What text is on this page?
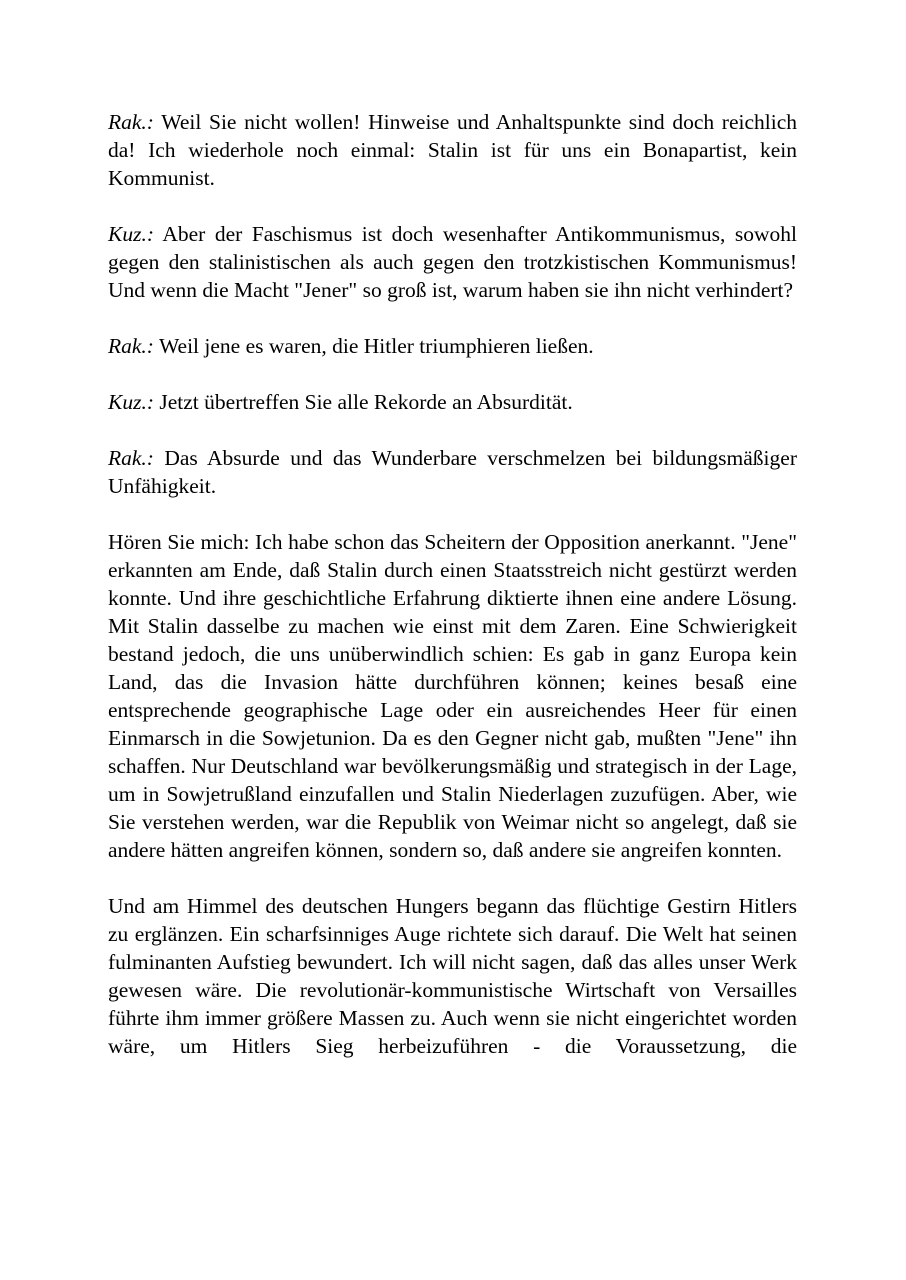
Rak.: Weil Sie nicht wollen! Hinweise und Anhaltspunkte sind doch reichlich da! Ich wiederhole noch einmal: Stalin ist für uns ein Bonapartist, kein Kommunist.

Kuz.: Aber der Faschismus ist doch wesenhafter Antikommunismus, sowohl gegen den stalinistischen als auch gegen den trotzkistischen Kommunismus! Und wenn die Macht "Jener" so groß ist, warum haben sie ihn nicht verhindert?

Rak.: Weil jene es waren, die Hitler triumphieren ließen.

Kuz.: Jetzt übertreffen Sie alle Rekorde an Absurdität.

Rak.: Das Absurde und das Wunderbare verschmelzen bei bildungsmäßiger Unfähigkeit.

Hören Sie mich: Ich habe schon das Scheitern der Opposition anerkannt. "Jene" erkannten am Ende, daß Stalin durch einen Staatsstreich nicht gestürzt werden konnte. Und ihre geschichtliche Erfahrung diktierte ihnen eine andere Lösung. Mit Stalin dasselbe zu machen wie einst mit dem Zaren. Eine Schwierigkeit bestand jedoch, die uns unüberwindlich schien: Es gab in ganz Europa kein Land, das die Invasion hätte durchführen können; keines besaß eine entsprechende geographische Lage oder ein ausreichendes Heer für einen Einmarsch in die Sowjetunion. Da es den Gegner nicht gab, mußten "Jene" ihn schaffen. Nur Deutschland war bevölkerungsmäßig und strategisch in der Lage, um in Sowjetrußland einzufallen und Stalin Niederlagen zuzufügen. Aber, wie Sie verstehen werden, war die Republik von Weimar nicht so angelegt, daß sie andere hätten angreifen können, sondern so, daß andere sie angreifen konnten.

Und am Himmel des deutschen Hungers begann das flüchtige Gestirn Hitlers zu erglänzen. Ein scharfsinniges Auge richtete sich darauf. Die Welt hat seinen fulminanten Aufstieg bewundert. Ich will nicht sagen, daß das alles unser Werk gewesen wäre. Die revolutionär-kommunistische Wirtschaft von Versailles führte ihm immer größere Massen zu. Auch wenn sie nicht eingerichtet worden wäre, um Hitlers Sieg herbeizuführen - die Voraussetzung, die
